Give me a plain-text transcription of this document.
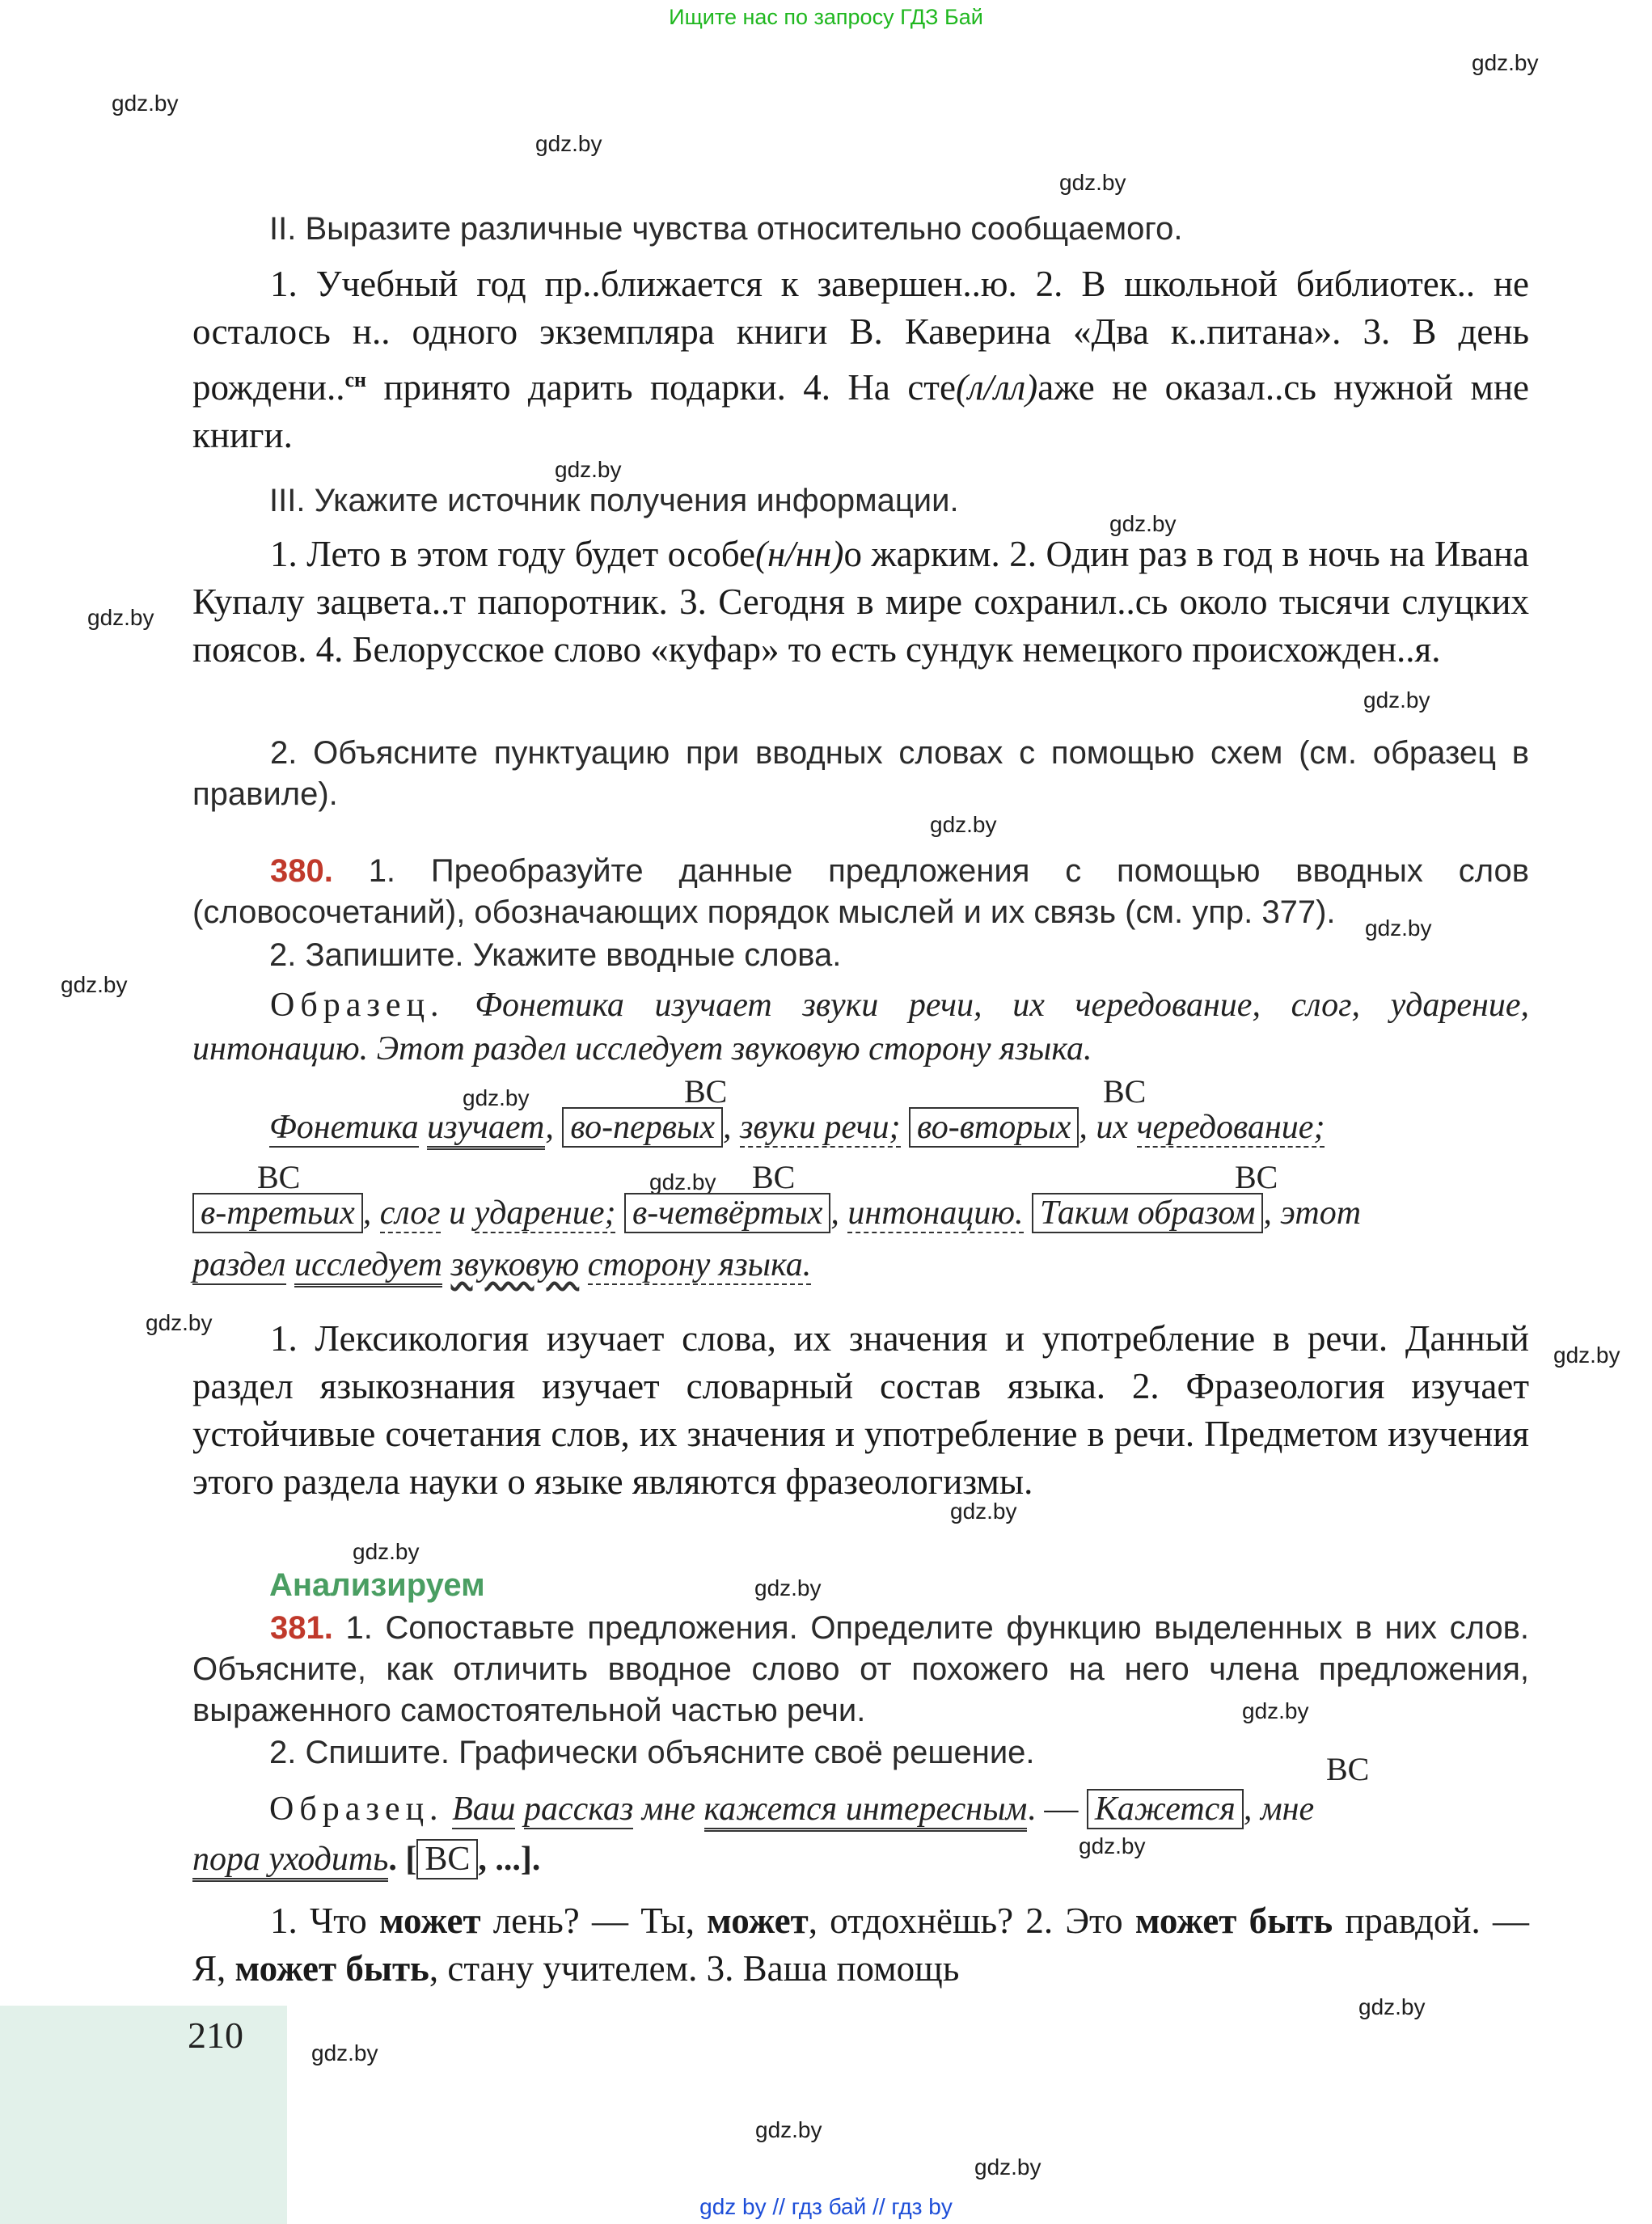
Ищите нас по запросу ГДЗ Бай
gdz.by
gdz.by
gdz.by
gdz.by
gdz.by
gdz.by
gdz.by
gdz.by
gdz.by
gdz.by
gdz.by
gdz.by
gdz.by
gdz.by
gdz.by
gdz.by
gdz.by
gdz.by
gdz.by
gdz.by
gdz.by
gdz.by
gdz.by
gdz.by
II. Выразите различные чувства относительно сообщаемого.
1. Учебный год пр..ближается к завершен..ю. 2. В школьной библиотек.. не осталось н.. одного экземпляра книги В. Каверина «Два к..питана». 3. В день рождени..$^{сн}$ принято дарить подарки. 4. На сте(л/лл)аже не оказал..сь нужной мне книги.
III. Укажите источник получения информации.
1. Лето в этом году будет особе(н/нн)о жарким. 2. Один раз в год в ночь на Ивана Купалу зацвета..т папоротник. 3. Сегодня в мире сохранил..сь около тысячи слуцких поясов. 4. Белорусское слово «куфар» то есть сундук немецкого происхожден..я.
2. Объясните пунктуацию при вводных словах с помощью схем (см. образец в правиле).
380. 1. Преобразуйте данные предложения с помощью вводных слов (словосочетаний), обозначающих порядок мыслей и их связь (см. упр. 377).
2. Запишите. Укажите вводные слова.
Образец. Фонетика изучает звуки речи, их чередование, слог, ударение, интонацию. Этот раздел исследует звуковую сторону языка.
ВС	ВС
Фонетика изучает, во-первых , звуки речи; во-вторых , их чередование;
ВС	ВС	ВС
в-третьих , слог и ударение; в-четвёртых , интонацию. Таким образом , этот
раздел исследует звуковую сторону языка.
1. Лексикология изучает слова, их значения и употребление в речи. Данный раздел языкознания изучает словарный состав языка. 2. Фразеология изучает устойчивые сочетания слов, их значения и употребление в речи. Предметом изучения этого раздела науки о языке являются фразеологизмы.
Анализируем
381. 1. Сопоставьте предложения. Определите функцию выделенных в них слов. Объясните, как отличить вводное слово от похожего на него члена предложения, выраженного самостоятельной частью речи.
2. Спишите. Графически объясните своё решение.	ВС
Образец. Ваш рассказ мне кажется интересным. — Кажется , мне
пора уходить. [ ВС , ...].
1. Что может лень? — Ты, может, отдохнёшь? 2. Это может быть правдой. — Я, может быть, стану учителем. 3. Ваша помощь
210
gdz by // гдз бай // гдз by
